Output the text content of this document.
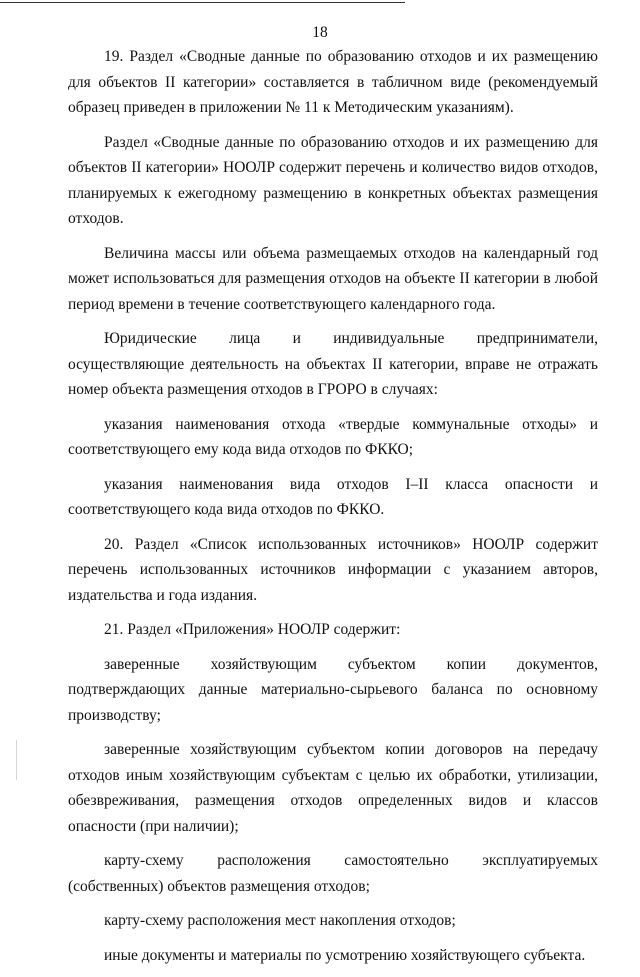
18

19. Раздел «Сводные данные по образованию отходов и их размещению для объектов II категории» составляется в табличном виде (рекомендуемый образец приведен в приложении № 11 к Методическим указаниям).

Раздел «Сводные данные по образованию отходов и их размещению для объектов II категории» НООЛР содержит перечень и количество видов отходов, планируемых к ежегодному размещению в конкретных объектах размещения отходов.

Величина массы или объема размещаемых отходов на календарный год может использоваться для размещения отходов на объекте II категории в любой период времени в течение соответствующего календарного года.

Юридические лица и индивидуальные предприниматели, осуществляющие деятельность на объектах II категории, вправе не отражать номер объекта размещения отходов в ГРОРО в случаях:

указания наименования отхода «твердые коммунальные отходы» и соответствующего ему кода вида отходов по ФККО;

указания наименования вида отходов I–II класса опасности и соответствующего кода вида отходов по ФККО.

20. Раздел «Список использованных источников» НООЛР содержит перечень использованных источников информации с указанием авторов, издательства и года издания.

21. Раздел «Приложения» НООЛР содержит:

заверенные хозяйствующим субъектом копии документов, подтверждающих данные материально-сырьевого баланса по основному производству;

заверенные хозяйствующим субъектом копии договоров на передачу отходов иным хозяйствующим субъектам с целью их обработки, утилизации, обезвреживания, размещения отходов определенных видов и классов опасности (при наличии);

карту-схему расположения самостоятельно эксплуатируемых (собственных) объектов размещения отходов;

карту-схему расположения мест накопления отходов;

иные документы и материалы по усмотрению хозяйствующего субъекта.
